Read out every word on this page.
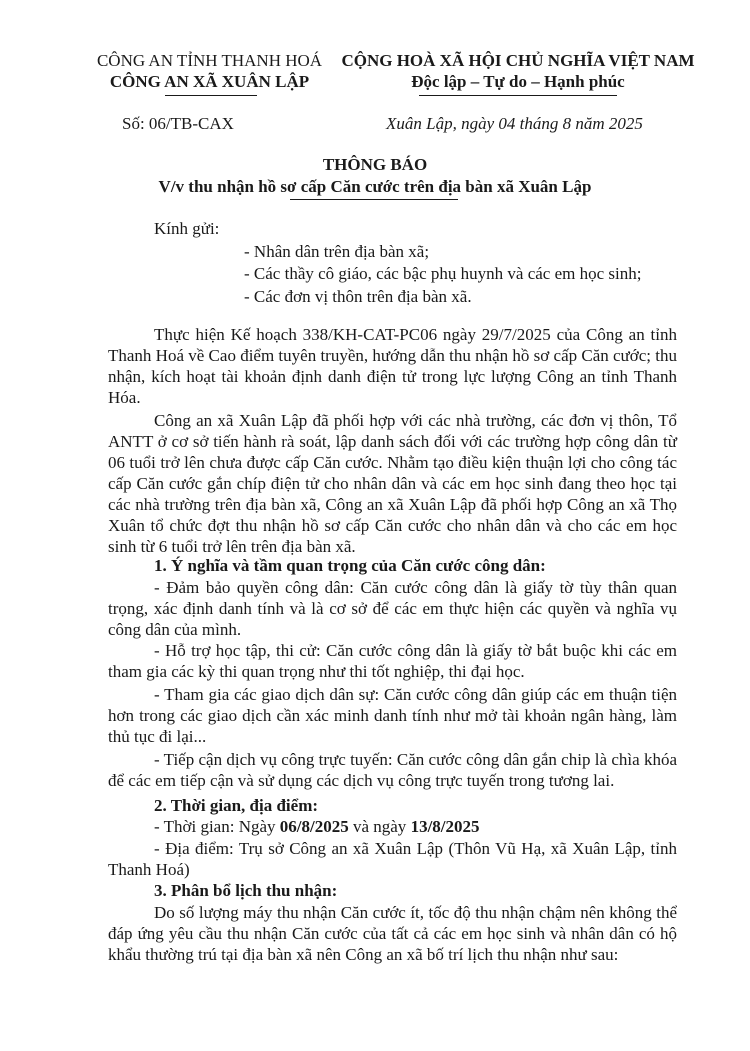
CÔNG AN TỈNH THANH HOÁ
CÔNG AN XÃ XUÂN LẬP
CỘNG HOÀ XÃ HỘI CHỦ NGHĨA VIỆT NAM
Độc lập – Tự do – Hạnh phúc
Số: 06/TB-CAX	Xuân Lập, ngày 04 tháng 8 năm 2025
THÔNG BÁO
V/v thu nhận hồ sơ cấp Căn cước trên địa bàn xã Xuân Lập
Kính gửi:
- Nhân dân trên địa bàn xã;
- Các thầy cô giáo, các bậc phụ huynh và các em học sinh;
- Các đơn vị thôn trên địa bàn xã.
Thực hiện Kế hoạch 338/KH-CAT-PC06 ngày 29/7/2025 của Công an tỉnh Thanh Hoá về Cao điểm tuyên truyền, hướng dẫn thu nhận hồ sơ cấp Căn cước; thu nhận, kích hoạt tài khoản định danh điện tử trong lực lượng Công an tỉnh Thanh Hóa.
Công an xã Xuân Lập đã phối hợp với các nhà trường, các đơn vị thôn, Tổ ANTT ở cơ sở tiến hành rà soát, lập danh sách đối với các trường hợp công dân từ 06 tuổi trở lên chưa được cấp Căn cước. Nhằm tạo điều kiện thuận lợi cho công tác cấp Căn cước gắn chíp điện tử cho nhân dân và các em học sinh đang theo học tại các nhà trường trên địa bàn xã, Công an xã Xuân Lập đã phối hợp Công an xã Thọ Xuân tổ chức đợt thu nhận hồ sơ cấp Căn cước cho nhân dân và cho các em học sinh từ 6 tuổi trở lên trên địa bàn xã.
1. Ý nghĩa và tầm quan trọng của Căn cước công dân:
- Đảm bảo quyền công dân: Căn cước công dân là giấy tờ tùy thân quan trọng, xác định danh tính và là cơ sở để các em thực hiện các quyền và nghĩa vụ công dân của mình.
- Hỗ trợ học tập, thi cử: Căn cước công dân là giấy tờ bắt buộc khi các em tham gia các kỳ thi quan trọng như thi tốt nghiệp, thi đại học.
- Tham gia các giao dịch dân sự: Căn cước công dân giúp các em thuận tiện hơn trong các giao dịch cần xác minh danh tính như mở tài khoản ngân hàng, làm thủ tục đi lại...
- Tiếp cận dịch vụ công trực tuyến: Căn cước công dân gắn chip là chìa khóa để các em tiếp cận và sử dụng các dịch vụ công trực tuyến trong tương lai.
2. Thời gian, địa điểm:
- Thời gian: Ngày 06/8/2025 và ngày 13/8/2025
- Địa điểm: Trụ sở Công an xã Xuân Lập (Thôn Vũ Hạ, xã Xuân Lập, tỉnh Thanh Hoá)
3. Phân bổ lịch thu nhận:
Do số lượng máy thu nhận Căn cước ít, tốc độ thu nhận chậm nên không thể đáp ứng yêu cầu thu nhận Căn cước của tất cả các em học sinh và nhân dân có hộ khẩu thường trú tại địa bàn xã nên Công an xã bố trí lịch thu nhận như sau:
